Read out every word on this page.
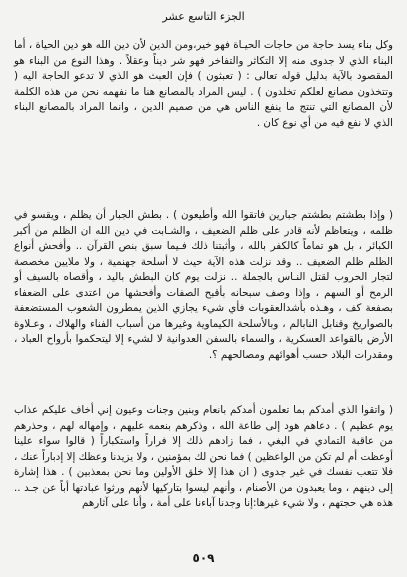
الجزء التاسع عشر

وكل بناء يسد حاجة من حاجات الحيـاة فهو خير،ومن الدين لأن دين الله هو دين الحياة ، أما البناء الذي لا جدوى منه إلا التكاثر والتفاخر فهو شر ديناً وعقلاً . وهذا النوع من البناء هو المقصود بالآية بدليل قوله تعالى : ( تعبثون ) فإن العبث هو الذي لا تدعو الحاجة اليه ( وتتخذون مصانع لعلكم تخلدون ) . ليس المراد بالمصانع هنا ما نفهمه نحن من هذه الكلمة لأن المصانع التي تنتج ما ينفع الناس هي من صميم الدين ، وانما المراد بالمصانع البناء الذي لا نفع فيه من أي نوع كان .

( وإذا بطشتم بطشتم جبارين فاتقوا الله وأطيعون ) . بطش الجبار أن يظلم ، ويقسو في ظلمه ، ويتعاظم لأنه قادر على ظلم الضعيف ، والشـابت في دين الله ان الظلم من أكبر الكبائر ، بل هو تماماً كالكفر بالله ، وأثبتنا ذلك فـيما سبق بنص القرآن .. وأفحش أنواع الظلم ظلم الضعيف .. وقد نزلت هذه الآية حيث لا أسلحة جهنمية ، ولا ملايين مخصصة لتجار الحروب لقتل النـاس بالجملة .. نزلت يوم كان البطش باليد ، وأقصاه بالسيف أو الرمح أو السهم ، وإذا وصف سبحانه بأقبح الصفات وأفحشها من اعتدى على الضعفاء بصفعة كف ، وهـذه بأشدالعقوبات فأي شيء يجازي الذين يمطرون الشعوب المستضعفة بالصواريخ وقنابل النابالم ، وبالأسلحة الكيماوية وغيرها من أسباب الفناء والهلاك ، وعـلاوة الأرض بالقواعد العسكرية ، والسماء بالسفن العدوانية لا لشيء إلا ليتحكموا بأرواح العباد ، ومقدرات البلاد حسب أهوائهم ومصالحهم ؟.

( واتقوا الذي أمدكم بما تعلمون أمدكم بانعام وبنين وجنات وعيون إني أخاف عليكم عذاب يوم عظيم ) . دعاهم هود إلى طاعة الله ، وذكرهم بنعمه عليهم ، وإمهاله لهم ، وحذرهم من عاقبة التمادي في البغي ، فما زادهم ذلك إلا فراراً واستكباراً ( قالوا سواء علينا أوعظت أم لم تكن من الواعظين ) فما نحن لك بمؤمنين ، ولا يزيدنا وعظك إلا إدباراً عنك ، فلا تتعب نفسك في غير جدوى ( ان هذا إلا خلق الأولين وما نحن بمعذبين ) . هذا إشارة إلى دينهم ، وما يعبدون من الأصنام ، وأنهم ليسوا بتاركيها لأنهم ورثوا عبادتها أباً عن جـد .. هذه هي حجتهم ، ولا شيء غيرها:إنا وجدنا آباءنا على أمة ، وأنا على آثارهم

٥٠٩
